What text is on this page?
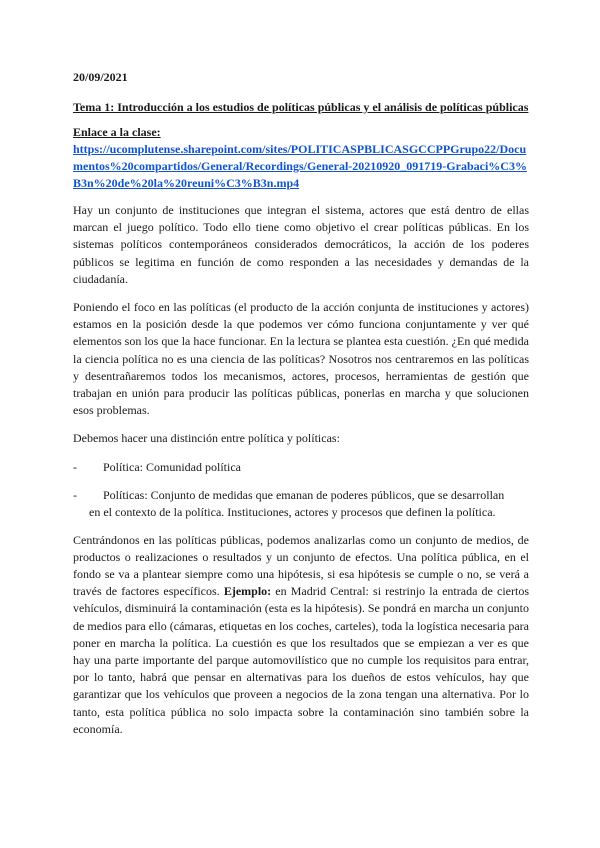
20/09/2021
Tema 1: Introducción a los estudios de políticas públicas y el análisis de políticas públicas
Enlace a la clase:
https://ucomplutense.sharepoint.com/sites/POLITICASPBLICASGCCPPGrupo22/Documentos%20compartidos/General/Recordings/General-20210920_091719-Grabaci%C3%B3n%20de%20la%20reuni%C3%B3n.mp4

Hay un conjunto de instituciones que integran el sistema, actores que está dentro de ellas marcan el juego político. Todo ello tiene como objetivo el crear políticas públicas. En los sistemas políticos contemporáneos considerados democráticos, la acción de los poderes públicos se legitima en función de como responden a las necesidades y demandas de la ciudadanía.

Poniendo el foco en las políticas (el producto de la acción conjunta de instituciones y actores) estamos en la posición desde la que podemos ver cómo funciona conjuntamente y ver qué elementos son los que la hace funcionar. En la lectura se plantea esta cuestión. ¿En qué medida la ciencia política no es una ciencia de las políticas? Nosotros nos centraremos en las políticas y desentrañaremos todos los mecanismos, actores, procesos, herramientas de gestión que trabajan en unión para producir las políticas públicas, ponerlas en marcha y que solucionen esos problemas.

Debemos hacer una distinción entre política y políticas:

- Política: Comunidad política
- Políticas: Conjunto de medidas que emanan de poderes públicos, que se desarrollan
en el contexto de la política. Instituciones, actores y procesos que definen la política.

Centrándonos en las políticas públicas, podemos analizarlas como un conjunto de medios, de productos o realizaciones o resultados y un conjunto de efectos. Una política pública, en el fondo se va a plantear siempre como una hipótesis, si esa hipótesis se cumple o no, se verá a través de factores específicos. Ejemplo: en Madrid Central: si restrinjo la entrada de ciertos vehículos, disminuirá la contaminación (esta es la hipótesis). Se pondrá en marcha un conjunto de medios para ello (cámaras, etiquetas en los coches, carteles), toda la logística necesaria para poner en marcha la política. La cuestión es que los resultados que se empiezan a ver es que hay una parte importante del parque automovilístico que no cumple los requisitos para entrar, por lo tanto, habrá que pensar en alternativas para los dueños de estos vehículos, hay que garantizar que los vehículos que proveen a negocios de la zona tengan una alternativa. Por lo tanto, esta política pública no solo impacta sobre la contaminación sino también sobre la economía.
